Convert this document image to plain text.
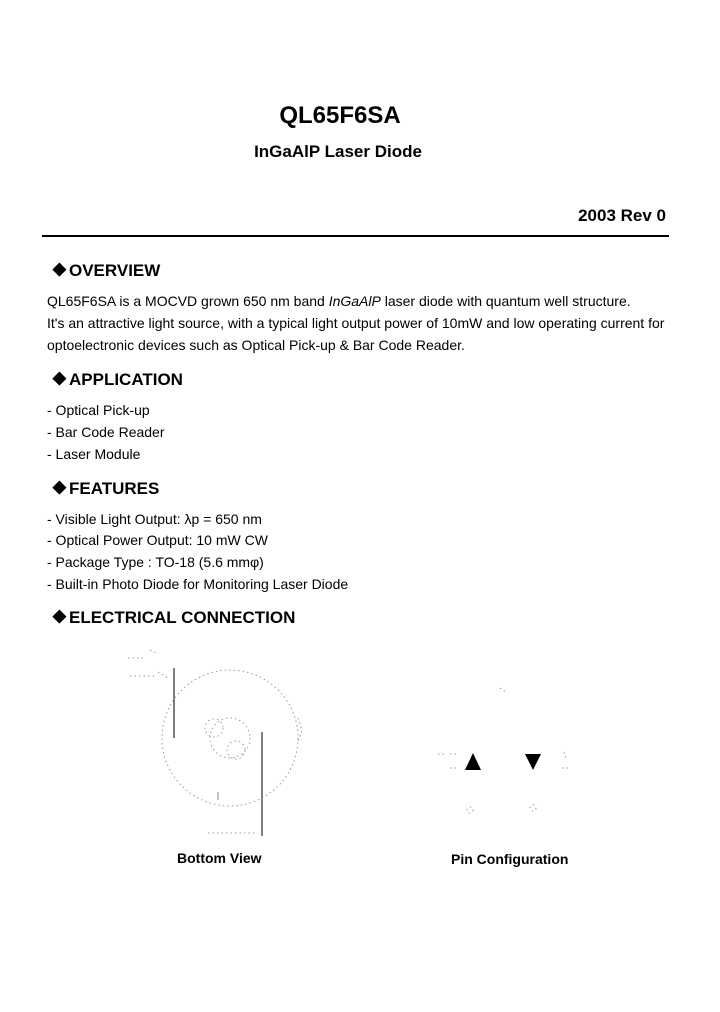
QL65F6SA
InGaAlP Laser Diode
2003 Rev 0
OVERVIEW
QL65F6SA is a MOCVD grown 650 nm band InGaAlP laser diode with quantum well structure.
It's an attractive light source, with a typical light output power of 10mW and low operating current for
optoelectronic devices such as Optical Pick-up & Bar Code Reader.
APPLICATION
- Optical Pick-up
- Bar Code Reader
- Laser Module
FEATURES
- Visible Light Output: λp = 650 nm
- Optical Power Output: 10 mW CW
- Package Type : TO-18 (5.6 mmφ)
- Built-in Photo Diode for Monitoring Laser Diode
ELECTRICAL CONNECTION
Bottom View	Pin Configuration
